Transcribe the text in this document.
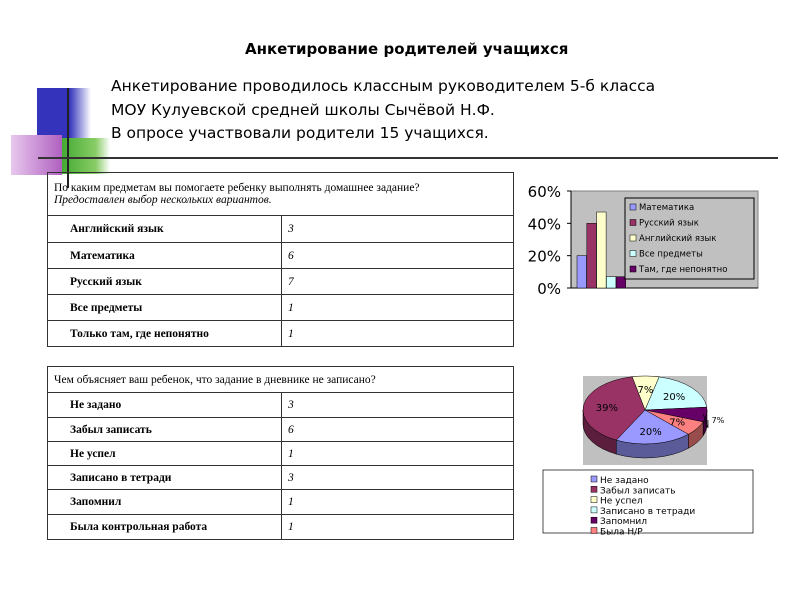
Анкетирование родителей учащихся
Анкетирование проводилось классным руководителем 5-б класса
МОУ Кулуевской средней школы Сычёвой Н.Ф.
В опросе участвовали родители 15 учащихся.
По каким предметам вы помогаете ребенку выполнять домашнее задание?
Предоставлен выбор нескольких вариантов.	

Английский язык	3
Математика	6
Русский язык	7
Все предметы	1
Только там, где непонятно	1
Чем объясняет ваш ребенок, что задание в дневнике не записано?	
Не задано	3
Забыл записать	6
Не успел	1
Записано в тетради	3
Запомнил	1
Была контрольная работа	1
60%
40%
20%
0%
Математика
Русский язык
Английский язык
Все предметы
Там, где непонятно
7%
20%
7%
7%
20%
39%
Не задано
Забыл записать
Не успел
Записано в тетради
Запомнил
Была Н/Р
